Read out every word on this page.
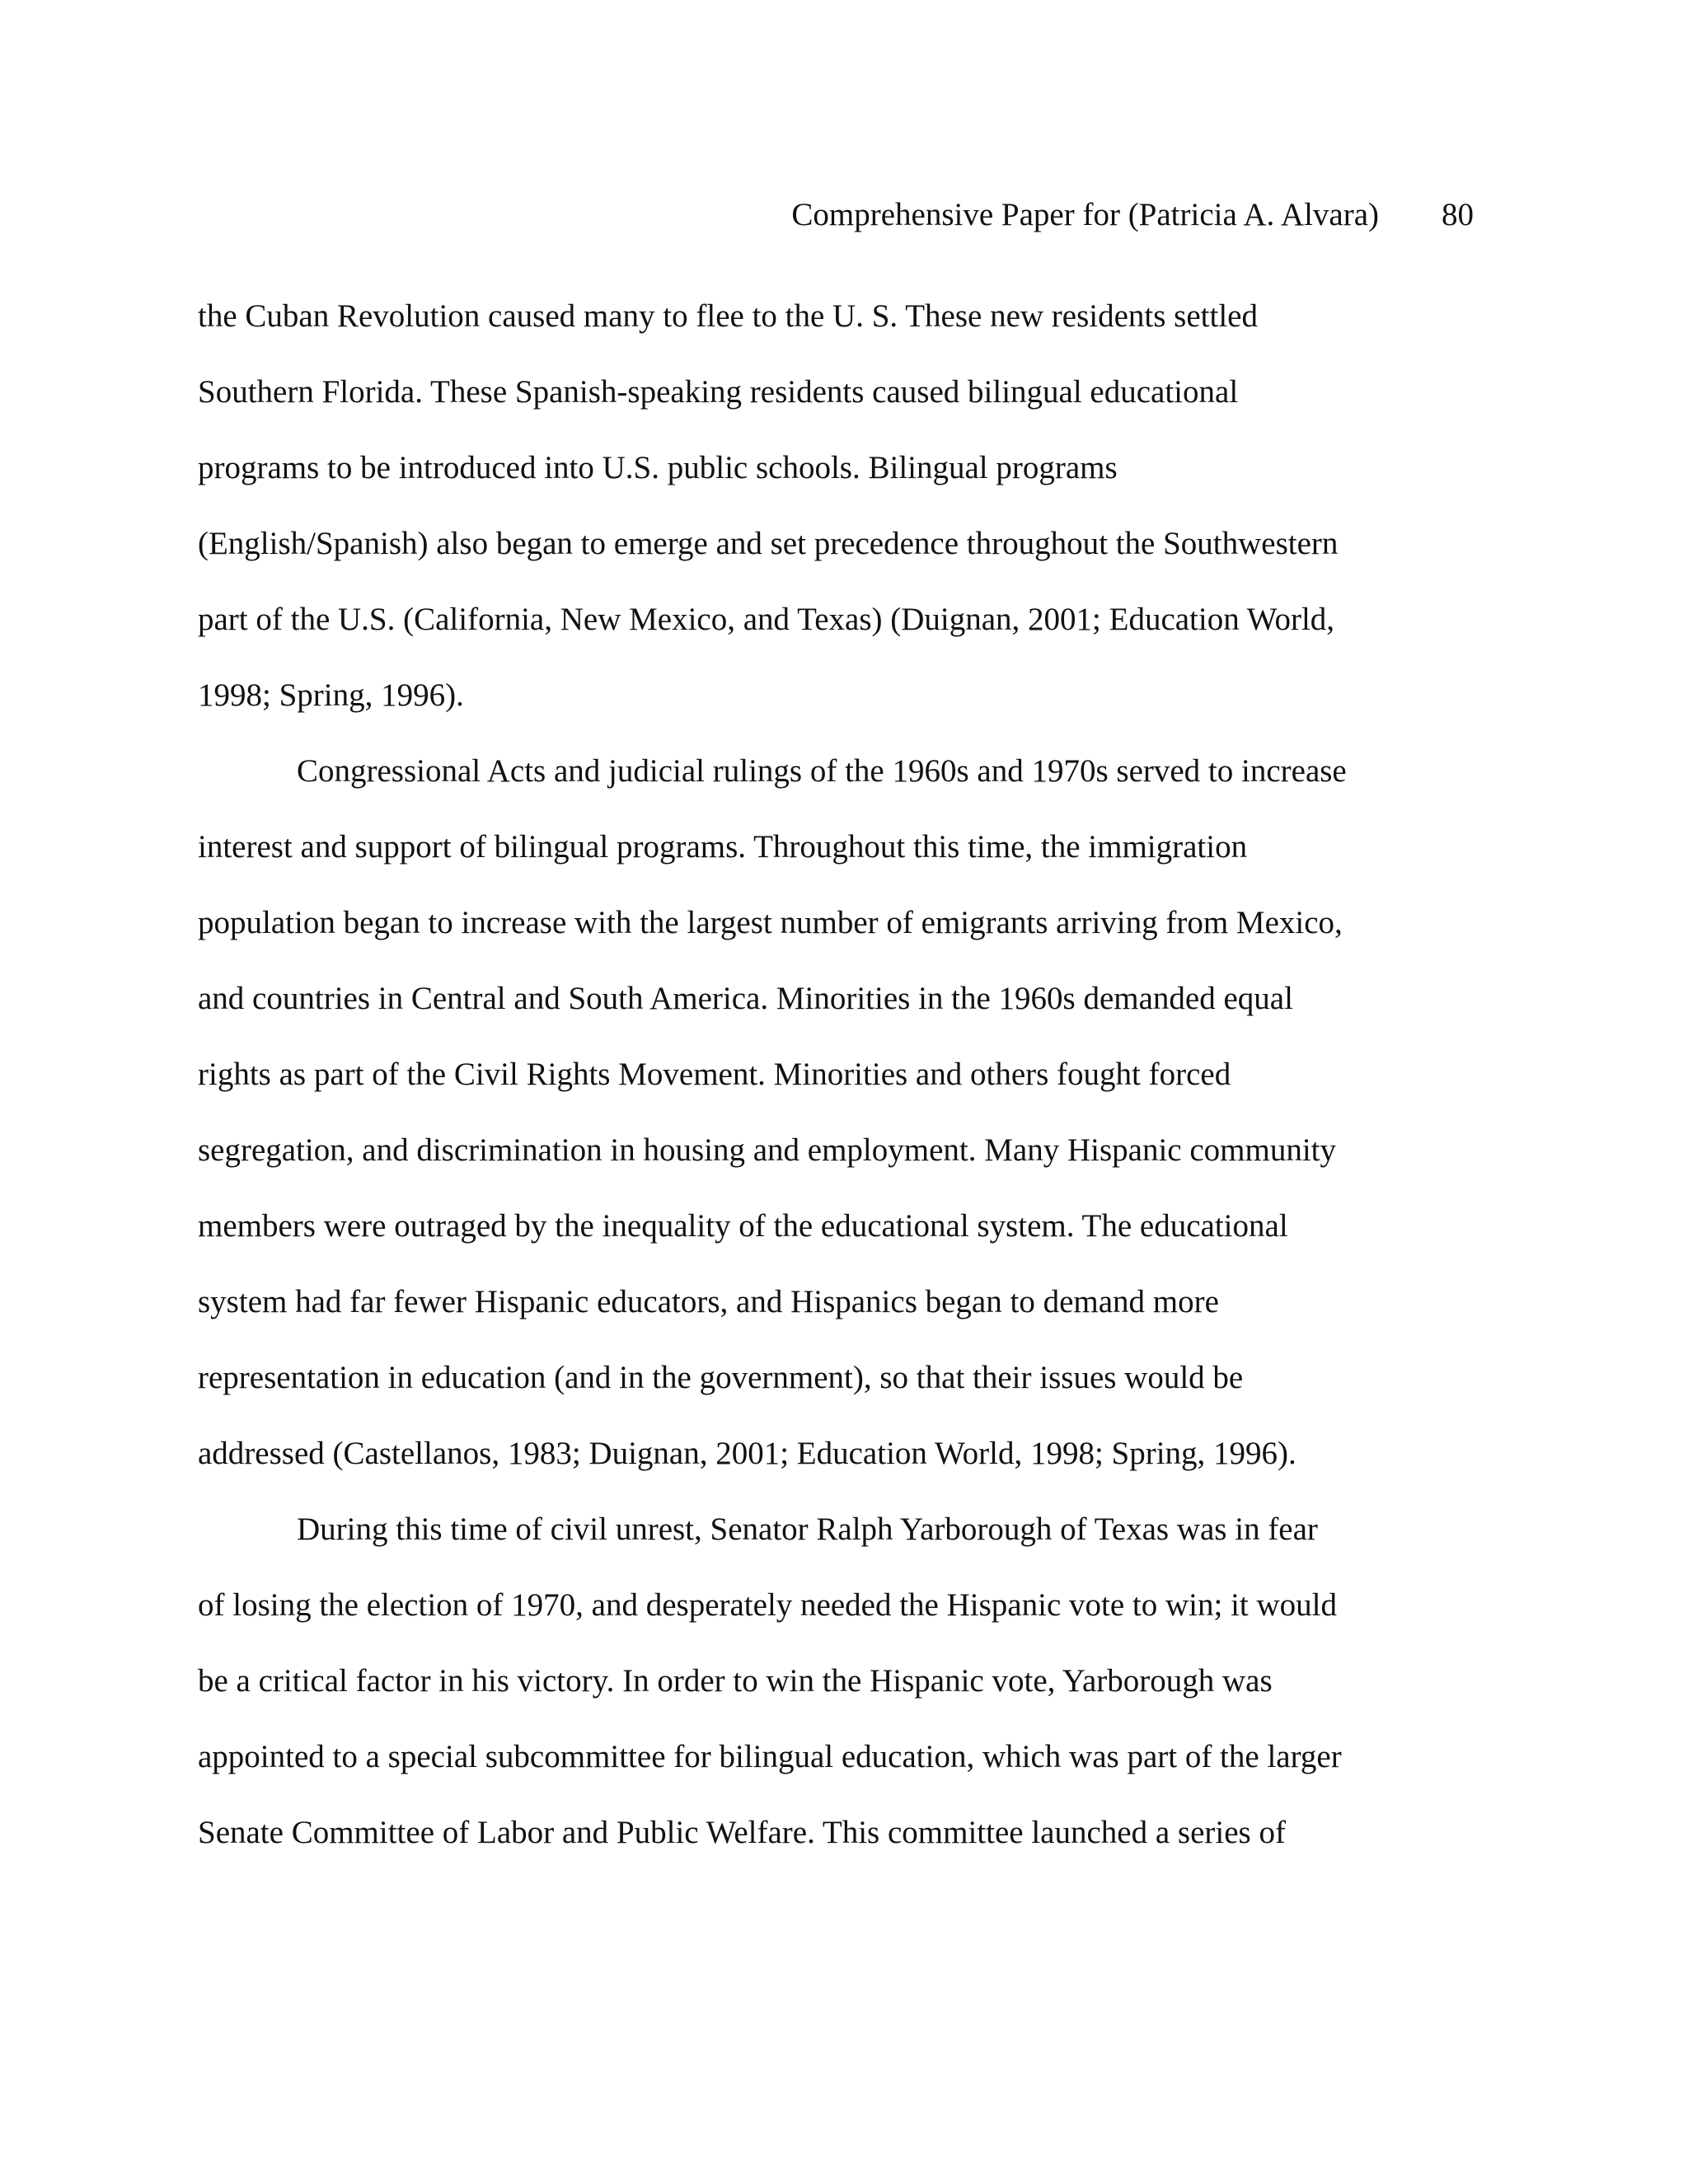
Comprehensive Paper for (Patricia A. Alvara) 80
the Cuban Revolution caused many to flee to the U. S. These new residents settled
Southern Florida. These Spanish-speaking residents caused bilingual educational
programs to be introduced into U.S. public schools. Bilingual programs
(English/Spanish) also began to emerge and set precedence throughout the Southwestern
part of the U.S. (California, New Mexico, and Texas) (Duignan, 2001; Education World,
1998; Spring, 1996).
Congressional Acts and judicial rulings of the 1960s and 1970s served to increase
interest and support of bilingual programs. Throughout this time, the immigration
population began to increase with the largest number of emigrants arriving from Mexico,
and countries in Central and South America. Minorities in the 1960s demanded equal
rights as part of the Civil Rights Movement. Minorities and others fought forced
segregation, and discrimination in housing and employment. Many Hispanic community
members were outraged by the inequality of the educational system. The educational
system had far fewer Hispanic educators, and Hispanics began to demand more
representation in education (and in the government), so that their issues would be
addressed (Castellanos, 1983; Duignan, 2001; Education World, 1998; Spring, 1996).
During this time of civil unrest, Senator Ralph Yarborough of Texas was in fear
of losing the election of 1970, and desperately needed the Hispanic vote to win; it would
be a critical factor in his victory. In order to win the Hispanic vote, Yarborough was
appointed to a special subcommittee for bilingual education, which was part of the larger
Senate Committee of Labor and Public Welfare. This committee launched a series of
